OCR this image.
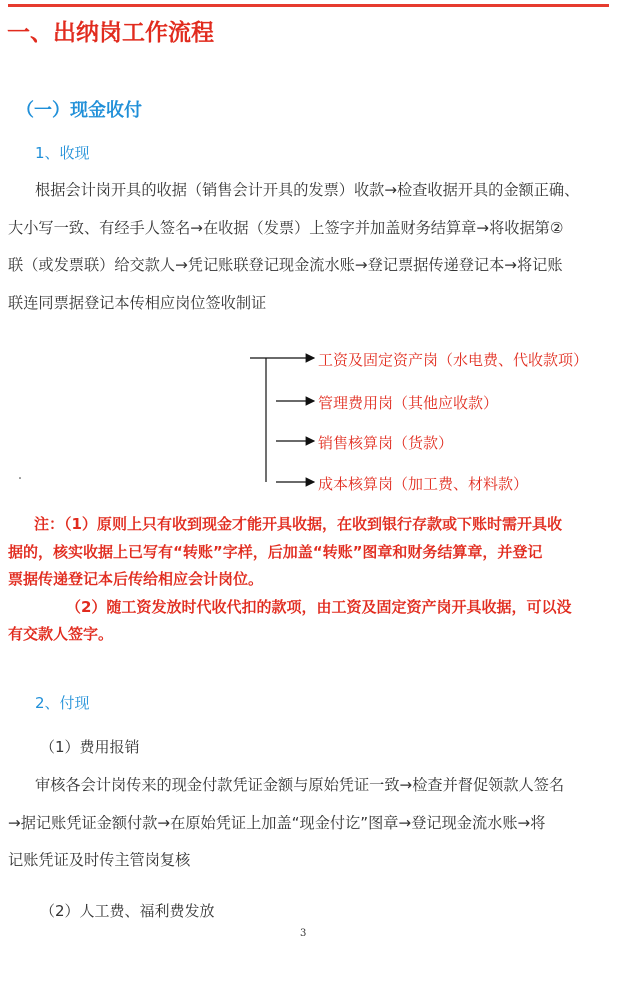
一、出纳岗工作流程
（一）现金收付
1、收现
根据会计岗开具的收据（销售会计开具的发票）收款→检查收据开具的金额正确、
大小写一致、有经手人签名→在收据（发票）上签字并加盖财务结算章→将收据第②
联（或发票联）给交款人→凭记账联登记现金流水账→登记票据传递登记本→将记账
联连同票据登记本传相应岗位签收制证
工资及固定资产岗（水电费、代收款项）
管理费用岗（其他应收款）
销售核算岗（货款）
成本核算岗（加工费、材料款）
注：（1）原则上只有收到现金才能开具收据，在收到银行存款或下账时需开具收
据的，核实收据上已写有“转账”字样，后加盖“转账”图章和财务结算章，并登记
票据传递登记本后传给相应会计岗位。
（2）随工资发放时代收代扣的款项，由工资及固定资产岗开具收据，可以没
有交款人签字。
2、付现
（1）费用报销
审核各会计岗传来的现金付款凭证金额与原始凭证一致→检查并督促领款人签名
→据记账凭证金额付款→在原始凭证上加盖“现金付讫”图章→登记现金流水账→将
记账凭证及时传主管岗复核
（2）人工费、福利费发放
3
